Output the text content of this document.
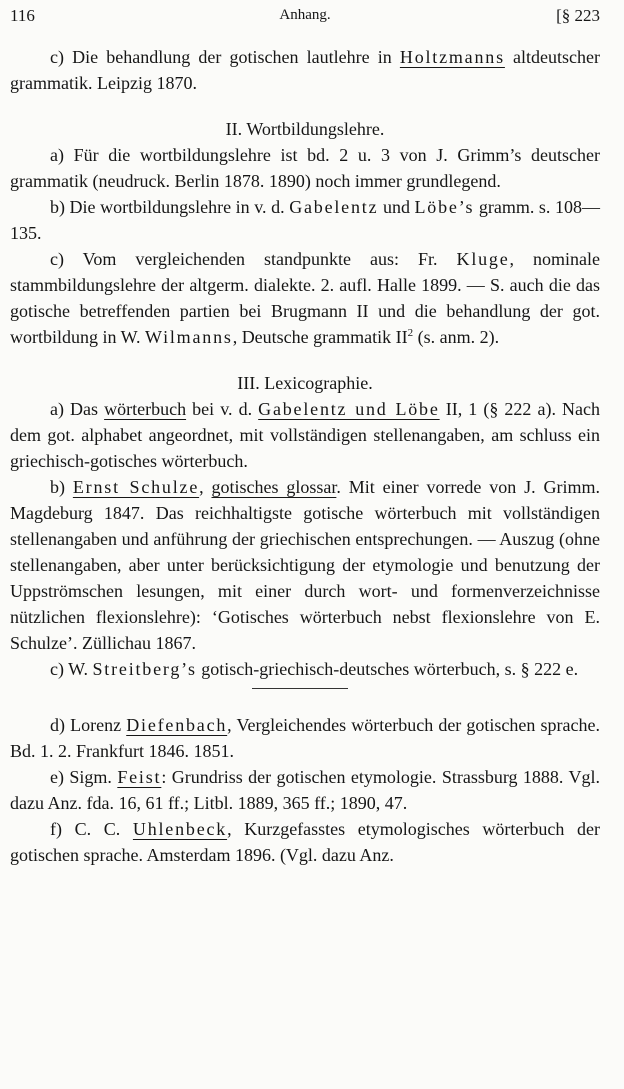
116	Anhang.	[§ 223

c) Die behandlung der gotischen lautlehre in Holtzmanns altdeutscher grammatik. Leipzig 1870.

II. Wortbildungslehre.

a) Für die wortbildungslehre ist bd. 2 u. 3 von J. Grimm’s deutscher grammatik (neudruck. Berlin 1878. 1890) noch immer grundlegend.

b) Die wortbildungslehre in v. d. Gabelentz und Löbe’s gramm. s. 108—135.

c) Vom vergleichenden standpunkte aus: Fr. Kluge, nominale stammbildungslehre der altgerm. dialekte. 2. aufl. Halle 1899. — S. auch die das gotische betreffenden partien bei Brugmann II und die behandlung der got. wortbildung in W. Wilmanns, Deutsche grammatik $II^2$ (s. anm. 2).

III. Lexicographie.

a) Das wörterbuch bei v. d. Gabelentz und Löbe II, 1 (§ 222 a). Nach dem got. alphabet angeordnet, mit vollständigen stellenangaben, am schluss ein griechisch-gotisches wörterbuch.

b) Ernst Schulze, gotisches glossar. Mit einer vorrede von J. Grimm. Magdeburg 1847. Das reichhaltigste gotische wörterbuch mit vollständigen stellenangaben und anführung der griechischen entsprechungen. — Auszug (ohne stellenangaben, aber unter berücksichtigung der etymologie und benutzung der Uppströmschen lesungen, mit einer durch wort- und formenverzeichnisse nützlichen flexionslehre): ‘Gotisches wörterbuch nebst flexionslehre von E. Schulze’. Züllichau 1867.

c) W. Streitberg’s gotisch-griechisch-deutsches wörterbuch, s. § 222 e.

d) Lorenz Diefenbach, Vergleichendes wörterbuch der gotischen sprache. Bd. 1. 2. Frankfurt 1846. 1851.

e) Sigm. Feist: Grundriss der gotischen etymologie. Strassburg 1888. Vgl. dazu Anz. fda. 16, 61 ff.; Litbl. 1889, 365 ff.; 1890, 47.

f) C. C. Uhlenbeck, Kurzgefasstes etymologisches wörterbuch der gotischen sprache. Amsterdam 1896. (Vgl. dazu Anz.
